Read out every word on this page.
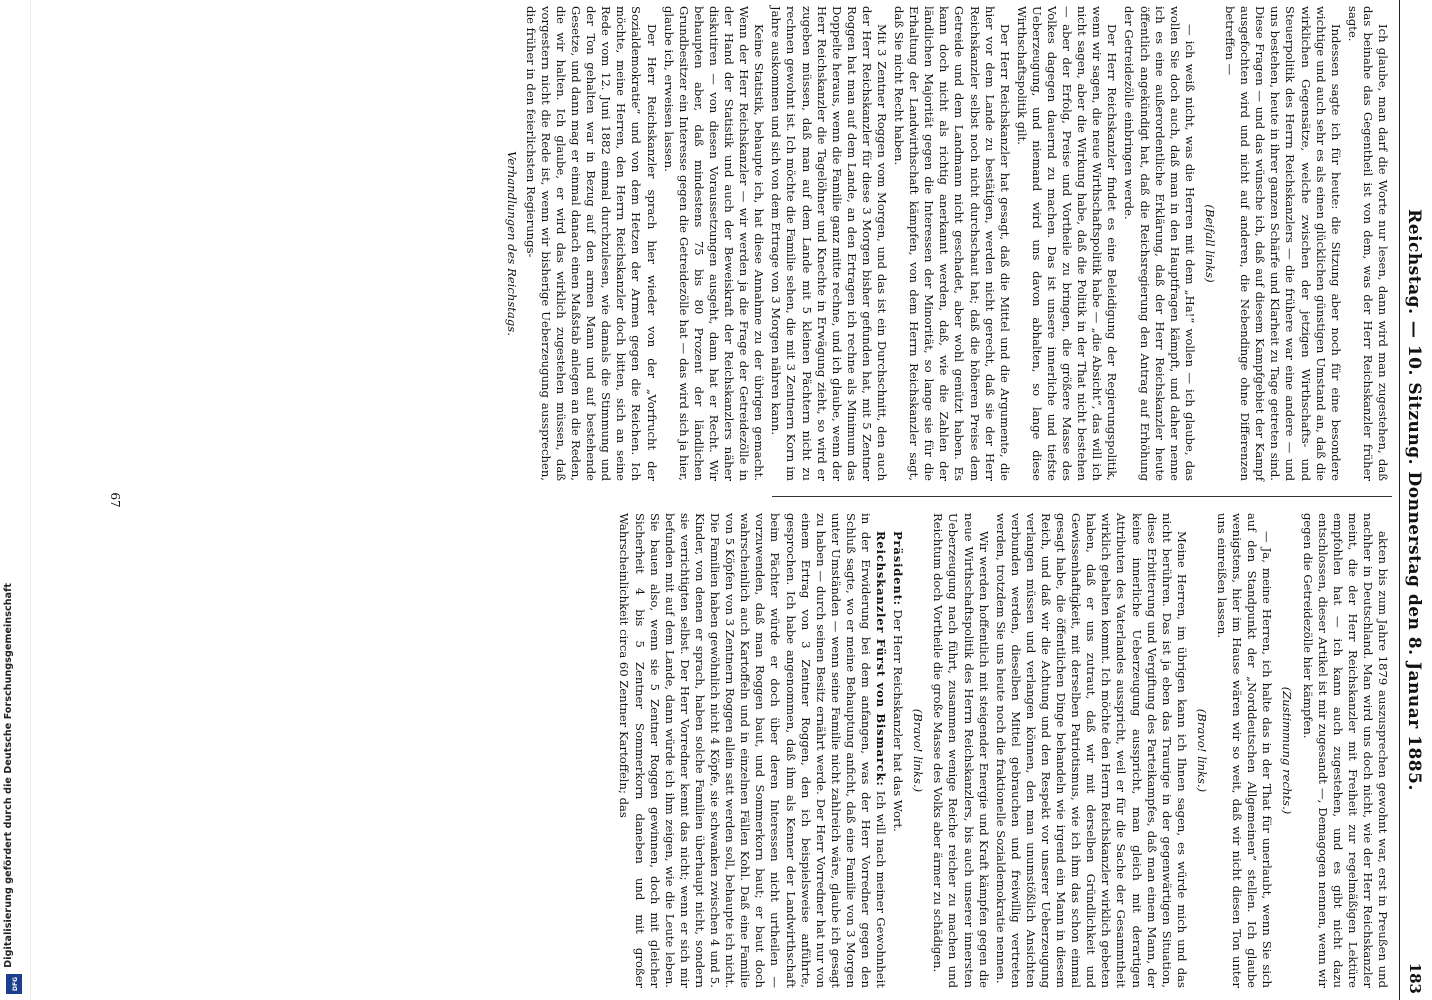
Digitalisierung gefördert durch die Deutsche Forschungsgemeinschaft
DFG
Reichstag. — 10. Sitzung. Donnerstag den 8. Januar 1885.
183

Ich glaube, man darf die Worte nur lesen, dann wird man zugestehen, daß das beinahe das Gegentheil ist von dem, was der Herr Reichskanzler früher sagte.

Indessen sagte ich für heute: die Sitzung aber noch für eine besondere wichtige und auch sehr es als einen glücklichen günstigen Umstand an, daß die wirklichen Gegensätze, welche zwischen der jetzigen Wirthschafts- und Steuerpolitik des Herrn Reichskanzlers — die frühere war eine andere — und uns bestehen, heute in ihrer ganzen Schärfe und Klarheit zu Tage getreten sind. Diese Fragen — und das wünsche ich, daß auf diesem Kampfgebiet der Kampf ausgefochten wird und nicht auf anderen, die Nebendinge ohne Differenzen betreffen —

(Beifall links)

— ich weiß nicht, was die Herren mit dem „Ha!“ wollen — ich glaube, das wollen Sie doch auch, daß man in den Hauptfragen kämpft, und daher nenne ich es eine außerordentliche Erklärung, daß der Herr Reichskanzler heute öffentlich angekündigt hat, daß die Reichsregierung den Antrag auf Erhöhung der Getreidezölle einbringen werde.

Der Herr Reichskanzler findet es eine Beleidigung der Regierungspolitik, wenn wir sagen, die neue Wirthschaftspolitik habe — „die Absicht“, das will ich nicht sagen, aber die Wirkung habe, daß die Politik in der That nicht bestehen — aber der Erfolg, Preise und Vortheile zu bringen, die größere Masse des Volkes dagegen dauernd zu machen. Das ist unsere innerliche und tiefste Ueberzeugung, und niemand wird uns davon abhalten, so lange diese Wirthschaftspolitik gilt.

Der Herr Reichskanzler hat gesagt, daß die Mittel und die Argumente, die hier vor dem Lande zu bestätigen, werden nicht gerecht, daß sie der Herr Reichskanzler selbst noch nicht durchschaut hat; daß die höheren Preise dem Getreide und dem Landmann nicht geschadet, aber wohl genützt haben. Es kann doch nicht als richtig anerkannt werden, daß, wie die Zahlen der ländlichen Majorität gegen die Interessen der Minorität, so lange sie für die Erhaltung der Landwirthschaft kämpfen, von dem Herrn Reichskanzler sagt, daß Sie nicht Recht haben.

Mit 3 Zentner Roggen vom Morgen, und das ist ein Durchschnitt, den auch der Herr Reichskanzler für diese 3 Morgen bisher gefunden hat, mit 5 Zentner Roggen hat man auf dem Lande, an den Ertragen ich rechne als Minimum das Doppelte heraus, wenn die Familie ganz mitte rechne, und ich glaube, wenn der Herr Reichskanzler die Tagelöhner und Knechte in Erwägung zieht, so wird er zugeben müssen, daß man auf dem Lande mit 5 kleinen Pächtern nicht zu rechnen gewohnt ist. Ich möchte die Familie sehen, die mit 3 Zentnern Korn im Jahre auskommen und sich von dem Ertrage von 3 Morgen nähren kann.

Keine Statistik, behaupte ich, hat diese Annahme zu der übrigen gemacht. Wenn der Herr Reichskanzler — wir werden ja die Frage der Getreidezölle in der Hand der Statistik und auch der Beweiskraft der Reichskanzlers näher diskutiren — von diesen Voraussetzungen ausgeht, dann hat er Recht. Wir behaupten aber, daß mindestens 75 bis 80 Prozent der ländlichen Grundbesitzer ein Interesse gegen die Getreidezölle hat — das wird sich ja hier, glaube ich, erweisen lassen.

Der Herr Reichskanzler sprach hier wieder von der „Vorfrucht der Sozialdemokratie“ und von dem Hetzen der Armen gegen die Reichen. Ich möchte, meine Herren, den Herrn Reichskanzler doch bitten, sich an seine Rede vom 12. Juni 1882 einmal durchzulesen, wie damals die Stimmung und der Ton gehalten war in Bezug auf den armen Mann und auf bestehende Gesetze, und dann mag er einmal danach einen Maßstab anlegen an die Reden, die wir halten. Ich glaube, er wird das wirklich zugestehen müssen, daß vorgestern nicht die Rede ist, wenn wir bisherige Ueberzeugung aussprechen, die früher in den feierlichsten Regierungs-

Verhandlungen des Reichstags.

akten bis zum Jahre 1879 auszusprechen gewohnt war, erst in Preußen und nachher in Deutschland. Man wird uns doch nicht, wie der Herr Reichskanzler meint, die der Herr Reichskanzler mit Freiheit zur regelmäßigen Lektüre empfohlen hat — ich kann auch zugestehen, und es gibt nicht dazu entschlossen, dieser Artikel ist mir zugesandt —, Demagogen nennen, wenn wir gegen die Getreidezölle hier kämpfen.

(Zustimmung rechts.)

— Ja, meine Herren, ich halte das in der That für unerlaubt, wenn Sie sich auf den Standpunkt der „Norddeutschen Allgemeinen“ stellen. Ich glaube wenigstens, hier im Hause wären wir so weit, daß wir nicht diesen Ton unter uns einreißen lassen.

(Bravo! links.)

Meine Herren, im übrigen kann ich Ihnen sagen, es würde mich und das nicht berühren. Das ist ja eben das Traurige in der gegenwärtigen Situation, diese Erbitterung und Vergiftung des Parteikampfes, daß man einem Mann, der keine innerliche Ueberzeugung ausspricht, man gleich mit derartigen Attributen des Vaterlandes ausspricht, weil er für die Sache der Gesammtheit wirklich gehalten kommt. Ich möchte den Herrn Reichskanzler wirklich gebeten haben, daß er uns zutraut, daß wir mit derselben Gründlichkeit und Gewissenhaftigkeit, mit derselben Patriotismus, wie ich ihm das schon einmal gesagt habe, die öffentlichen Dinge behandeln wie irgend ein Mann in diesem Reich, und daß wir die Achtung und den Respekt vor unserer Ueberzeugung verlangen müssen und verlangen können, den man unumstößlich Ansichten verbunden werden, dieselben Mittel gebrauchen und freiwillig vertreten werden, trotzdem Sie uns heute noch die fraktionelle Sozialdemokratie nennen.

Wir werden hoffentlich mit steigender Energie und Kraft kämpfen gegen die neue Wirthschaftspolitik des Herrn Reichskanzlers, bis auch unserer innersten Ueberzeugung nach führt, zusammen wenige Reiche reicher zu machen und Reichtum doch Vortheile die große Masse des Volks aber ärmer zu schädigen.

(Bravo! links.)

Präsident: Der Herr Reichskanzler hat das Wort.

Reichskanzler Fürst von Bismarck: Ich will nach meiner Gewohnheit in der Erwiderung bei dem anfangen, was der Herr Vorredner gegen den Schluß sagte, wo er meine Behauptung anficht, daß eine Familie von 3 Morgen unter Umständen — wenn seine Familie nicht zahlreich wäre, glaube ich gesagt zu haben — durch seinen Besitz ernährt werde. Der Herr Vorredner hat nur von einem Ertrag von 3 Zentner Roggen, den ich beispielsweise anführte, gesprochen. Ich habe angenommen, daß ihm als Kenner der Landwirthschaft beim Pächter würde er doch über deren Interessen nicht urtheilen — vorzuwenden, daß man Roggen baut, und Sommerkorn baut; er baut doch wahrscheinlich auch Kartoffeln und in einzelnen Fällen Kohl. Daß eine Familie von 5 Köpfen von 3 Zentnern Roggen allein satt werden soll, behaupte ich nicht. Die Familien haben gewöhnlich nicht 4 Köpfe, sie schwanken zwischen 4 und 5. Kinder, von denen er sprach, haben solche Familien überhaupt nicht, sondern sie verrichtigten selbst. Der Herr Vorredner kennt das nicht; wenn er sich mir befunden mit auf dem Lande, dann würde ich ihm zeigen, wie die Leute leben. Sie bauen also, wenn sie 5 Zentner Roggen gewinnen, doch mit gleicher Sicherheit 4 bis 5 Zentner Sommerkorn daneben und mit großer Wahrscheinlichkeit circa 60 Zentner Kartoffeln; das

67
